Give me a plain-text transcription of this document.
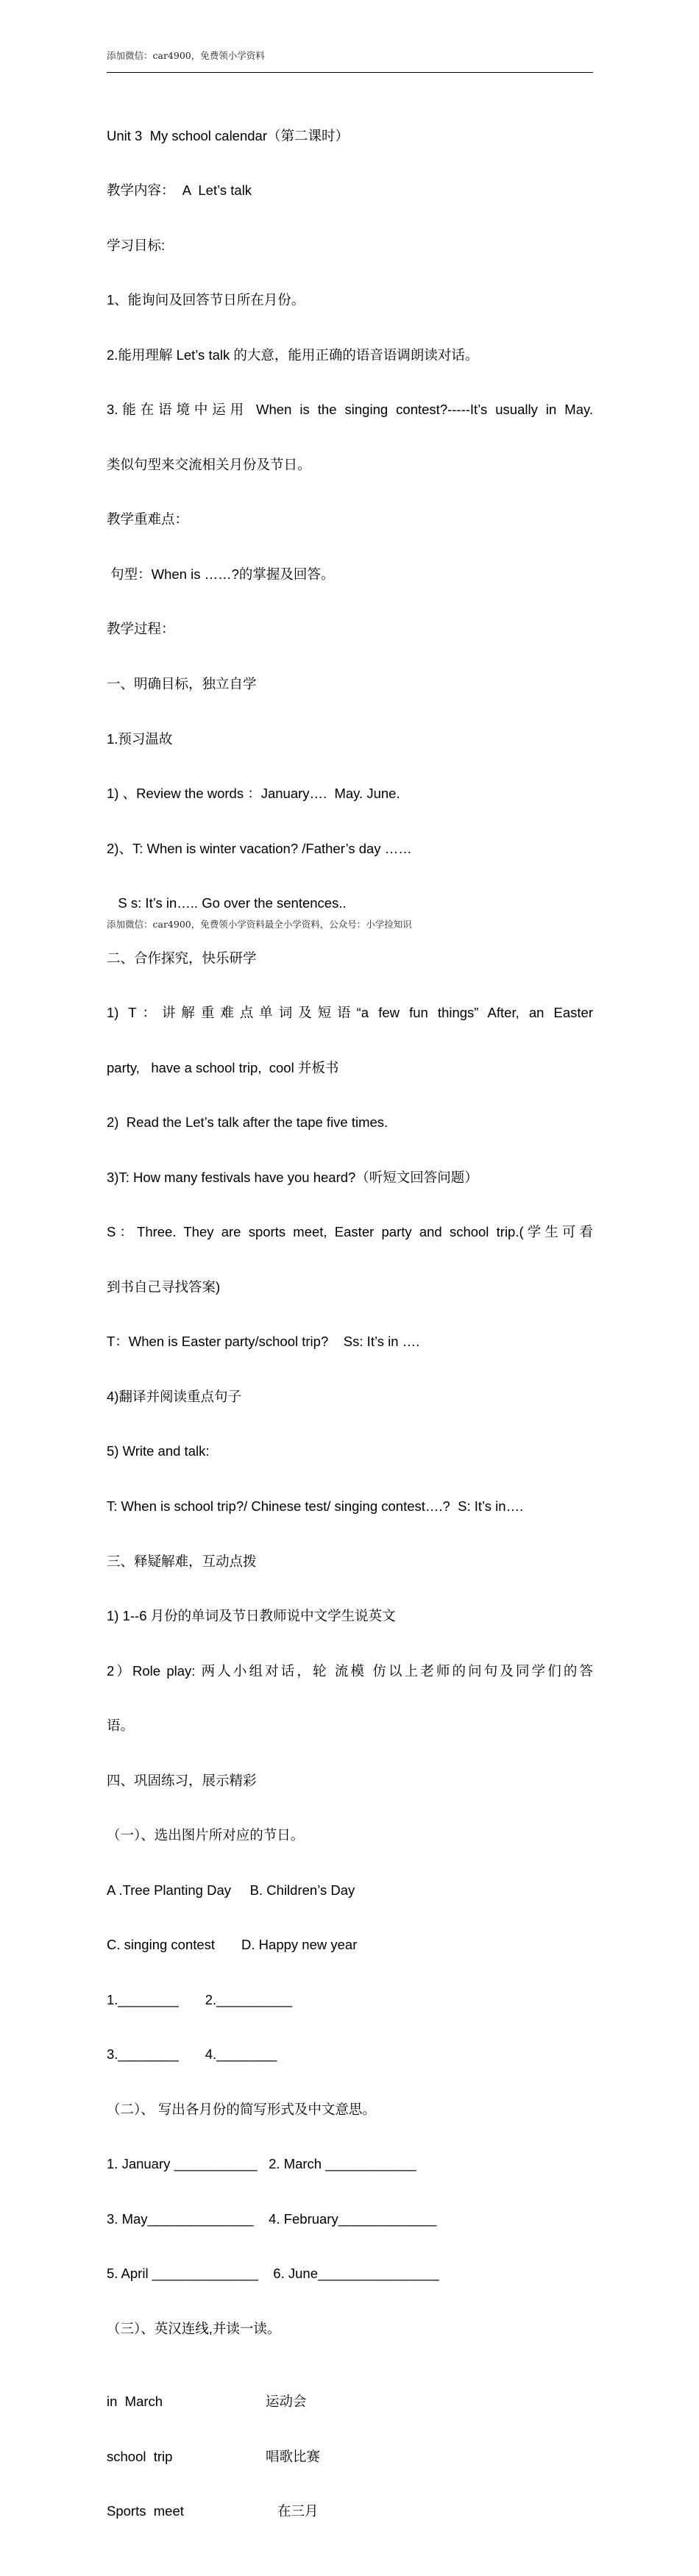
添加微信：car4900，免费领小学资料

Unit 3  My school calendar（第二课时）

教学内容：  A  Let’s talk

学习目标:

1、能询问及回答节日所在月份。

2.能用理解 Let’s talk 的大意，能用正确的语音语调朗读对话。

3.能在语境中运用 When is the singing contest?-----It’s usually in May.

类似句型来交流相关月份及节日。

教学重难点：

句型：When is ……?的掌握及回答。

教学过程：

一、明确目标，独立自学

1.预习温故

1) 、Review the words ：January….  May. June.

2)、T: When is winter vacation? /Father’s day ……

S s: It’s in….. Go over the sentences..

二、合作探究，快乐研学

1) T：讲解重难点单词及短语“a few fun things” After, an Easter

party,   have a school trip,  cool 并板书

2)  Read the Let’s talk after the tape five times.

3)T: How many festivals have you heard?（听短文回答问题）

S：Three. They are sports meet, Easter party and school trip.(学生可看

到书自己寻找答案)

T：When is Easter party/school trip?    Ss: It’s in ….

4)翻译并阅读重点句子

5) Write and talk:

T: When is school trip?/ Chinese test/ singing contest….?  S: It’s in….

三、释疑解难，互动点拨

1) 1--6 月份的单词及节日教师说中文学生说英文

2）Role play: 两人小组对话，轮 流模 仿以上老师的问句及同学们的答

语。

四、巩固练习，展示精彩

（一）、选出图片所对应的节日。

A .Tree Planting Day     B. Children’s Day

C. singing contest       D. Happy new year

1.________       2.__________

3.________       4.________

（二）、 写出各月份的简写形式及中文意思。

1. January ___________   2. March ____________

3. May______________    4. February_____________

5. April ______________    6. June________________

（三）、英汉连线,并读一读。

in  March

	运动会

school  trip

	唱歌比赛

Sports  meet

	在三月

添加微信：car4900，免费领小学资料最全小学资料，公众号：小学捡知识
